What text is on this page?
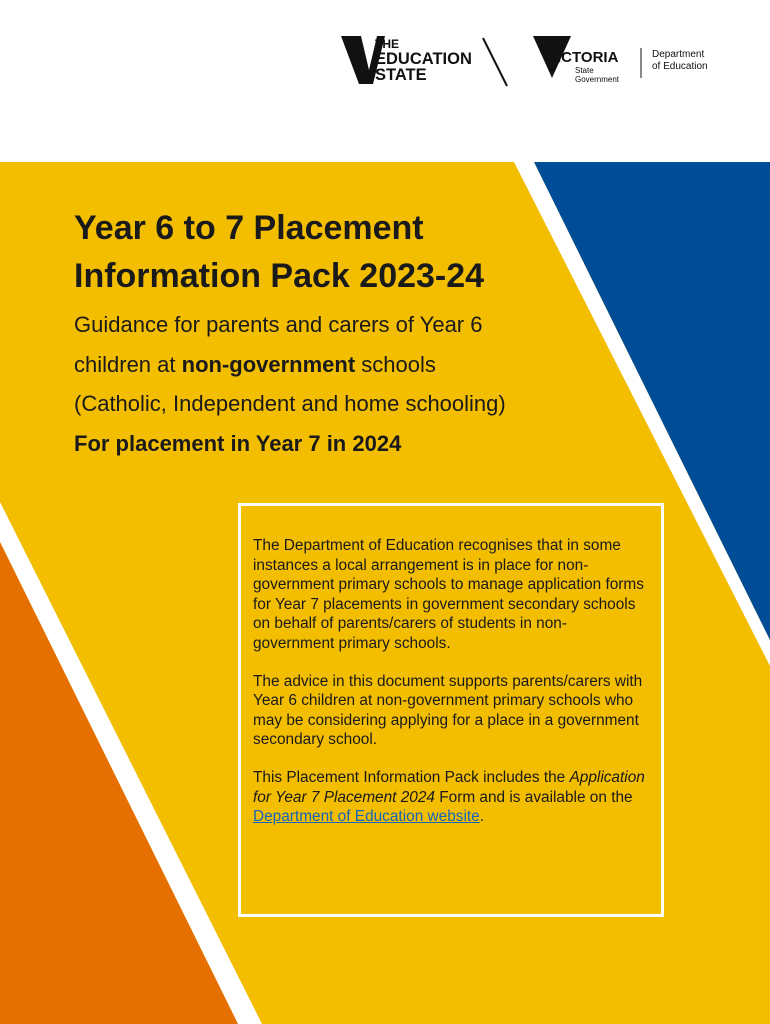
THE
EDUCATION
STATE
VICTORIA
State
Government
Department
of Education
Year 6 to 7 Placement
Information Pack 2023-24

Guidance for parents and carers of Year 6

children at non-government schools

(Catholic, Independent and home schooling)

For placement in Year 7 in 2024

The Department of Education recognises that in some instances a local arrangement is in place for non-government primary schools to manage application forms for Year 7 placements in government secondary schools on behalf of parents/carers of students in non-government primary schools.

The advice in this document supports parents/carers with Year 6 children at non-government primary schools who may be considering applying for a place in a government secondary school.

This Placement Information Pack includes the Application for Year 7 Placement 2024 Form and is available on the Department of Education website.
